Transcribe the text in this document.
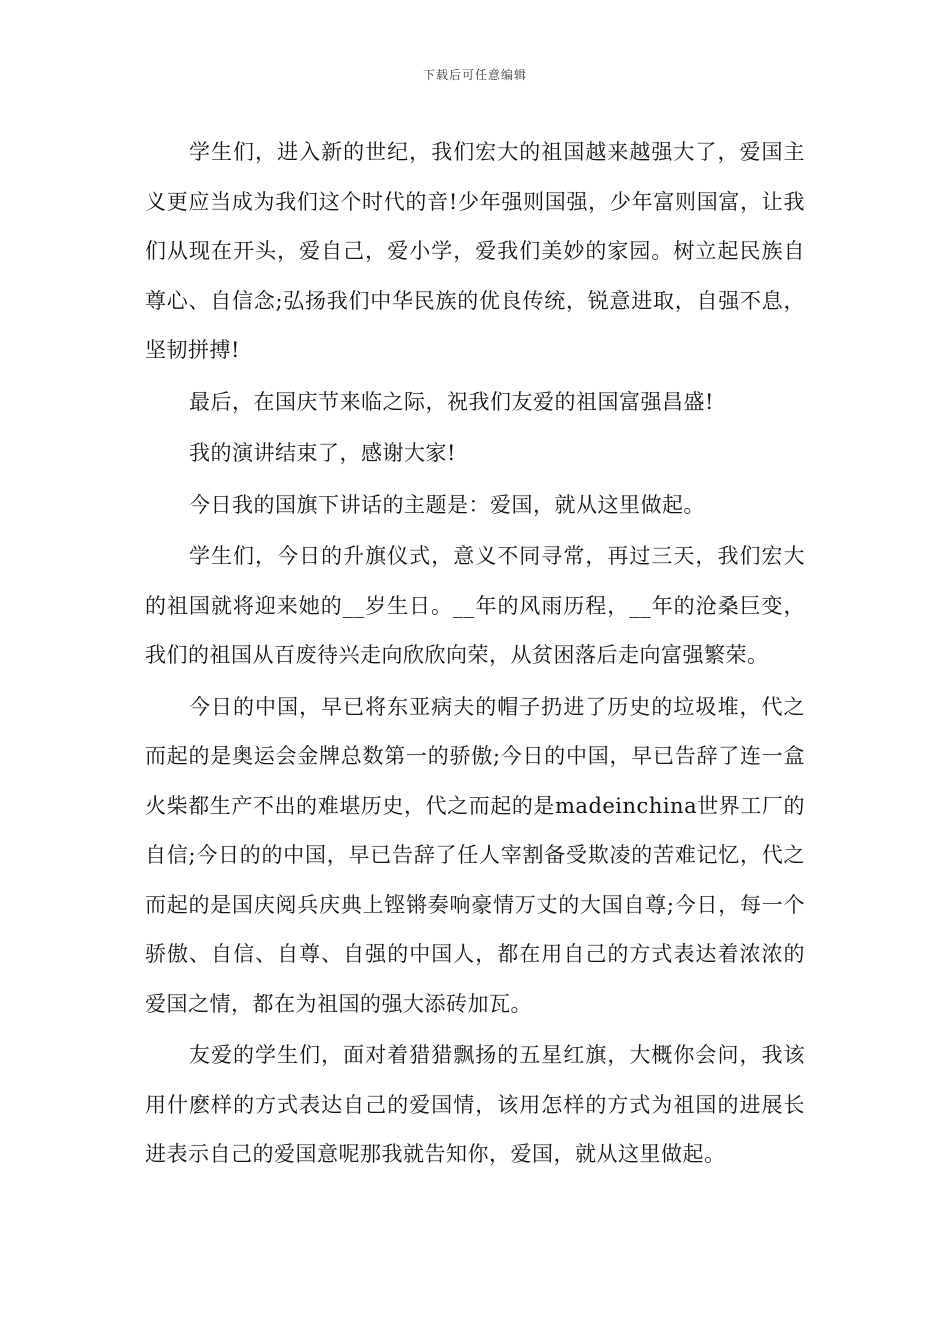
下载后可任意编辑

学生们，进入新的世纪，我们宏大的祖国越来越强大了，爱国主义更应当成为我们这个时代的音!少年强则国强，少年富则国富，让我们从现在开头，爱自己，爱小学，爱我们美妙的家园。树立起民族自尊心、自信念;弘扬我们中华民族的优良传统，锐意进取，自强不息，坚韧拼搏!

最后，在国庆节来临之际，祝我们友爱的祖国富强昌盛!

我的演讲结束了，感谢大家!

今日我的国旗下讲话的主题是：爱国，就从这里做起。

学生们，今日的升旗仪式，意义不同寻常，再过三天，我们宏大的祖国就将迎来她的__岁生日。__年的风雨历程，__年的沧桑巨变，我们的祖国从百废待兴走向欣欣向荣，从贫困落后走向富强繁荣。

今日的中国，早已将东亚病夫的帽子扔进了历史的垃圾堆，代之而起的是奥运会金牌总数第一的骄傲;今日的中国，早已告辞了连一盒火柴都生产不出的难堪历史，代之而起的是madeinchina世界工厂的自信;今日的的中国，早已告辞了任人宰割备受欺凌的苦难记忆，代之而起的是国庆阅兵庆典上铿锵奏响豪情万丈的大国自尊;今日，每一个骄傲、自信、自尊、自强的中国人，都在用自己的方式表达着浓浓的爱国之情，都在为祖国的强大添砖加瓦。

友爱的学生们，面对着猎猎飘扬的五星红旗，大概你会问，我该用什麽样的方式表达自己的爱国情，该用怎样的方式为祖国的进展长进表示自己的爱国意呢那我就告知你，爱国，就从这里做起。
